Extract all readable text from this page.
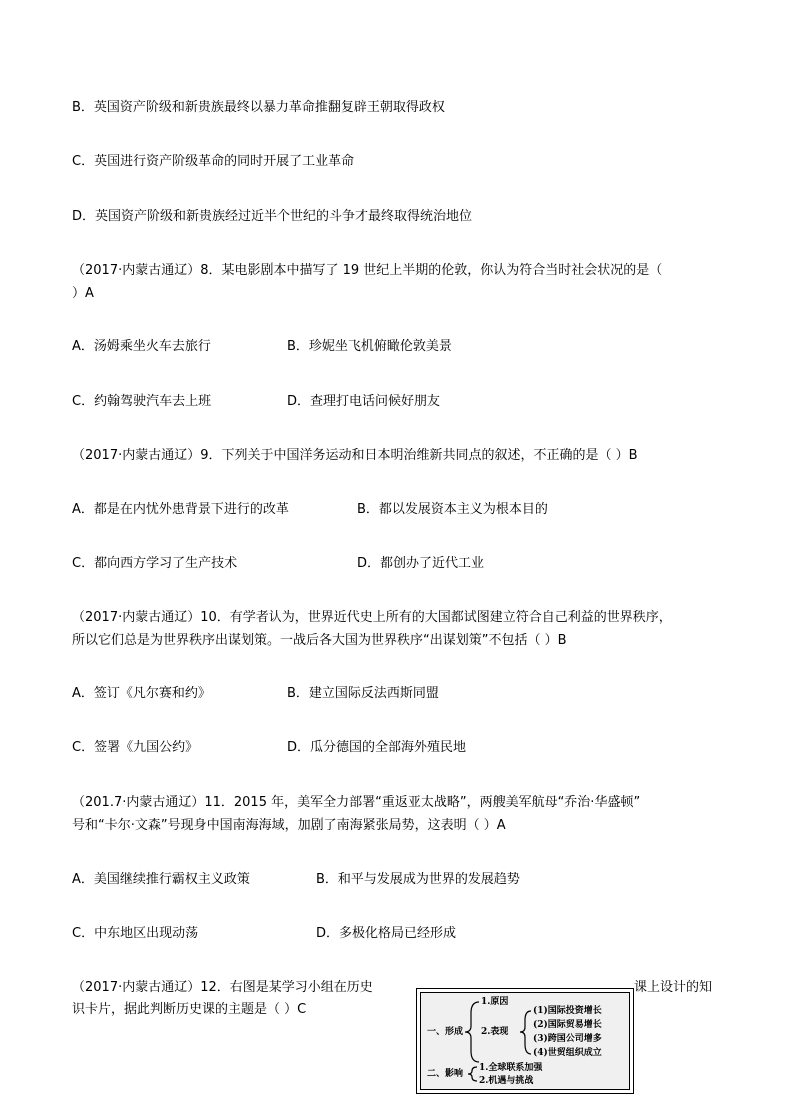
B．英国资产阶级和新贵族最终以暴力革命推翻复辟王朝取得政权
C．英国进行资产阶级革命的同时开展了工业革命
D．英国资产阶级和新贵族经过近半个世纪的斗争才最终取得统治地位
（2017·内蒙古通辽）8．某电影剧本中描写了 19 世纪上半期的伦敦，你认为符合当时社会状况的是（
）A
A．汤姆乘坐火车去旅行	B．珍妮坐飞机俯瞰伦敦美景
C．约翰驾驶汽车去上班	D．查理打电话问候好朋友
（2017·内蒙古通辽）9．下列关于中国洋务运动和日本明治维新共同点的叙述，不正确的是（ ）B
A．都是在内忧外患背景下进行的改革	B．都以发展资本主义为根本目的
C．都向西方学习了生产技术	D．都创办了近代工业
（2017·内蒙古通辽）10．有学者认为，世界近代史上所有的大国都试图建立符合自己利益的世界秩序，
所以它们总是为世界秩序出谋划策。一战后各大国为世界秩序“出谋划策”不包括（ ）B
A．签订《凡尔赛和约》	B．建立国际反法西斯同盟
C．签署《九国公约》	D．瓜分德国的全部海外殖民地
（201.7·内蒙古通辽）11．2015 年，美军全力部署“重返亚太战略”，两艘美军航母“乔治·华盛顿”
号和“卡尔·文森”号现身中国南海海域，加剧了南海紧张局势，这表明（ ）A
A．美国继续推行霸权主义政策	B．和平与发展成为世界的发展趋势
C．中东地区出现动荡	D．多极化格局已经形成
（2017·内蒙古通辽）12．右图是某学习小组在历史	课上设计的知
识卡片，据此判断历史课的主题是（ ）C
一、形成
1.原因
2.表现
(1)国际投资增长
(2)国际贸易增长
(3)跨国公司增多
(4)世贸组织成立
二、影响
1.全球联系加强
2.机遇与挑战
